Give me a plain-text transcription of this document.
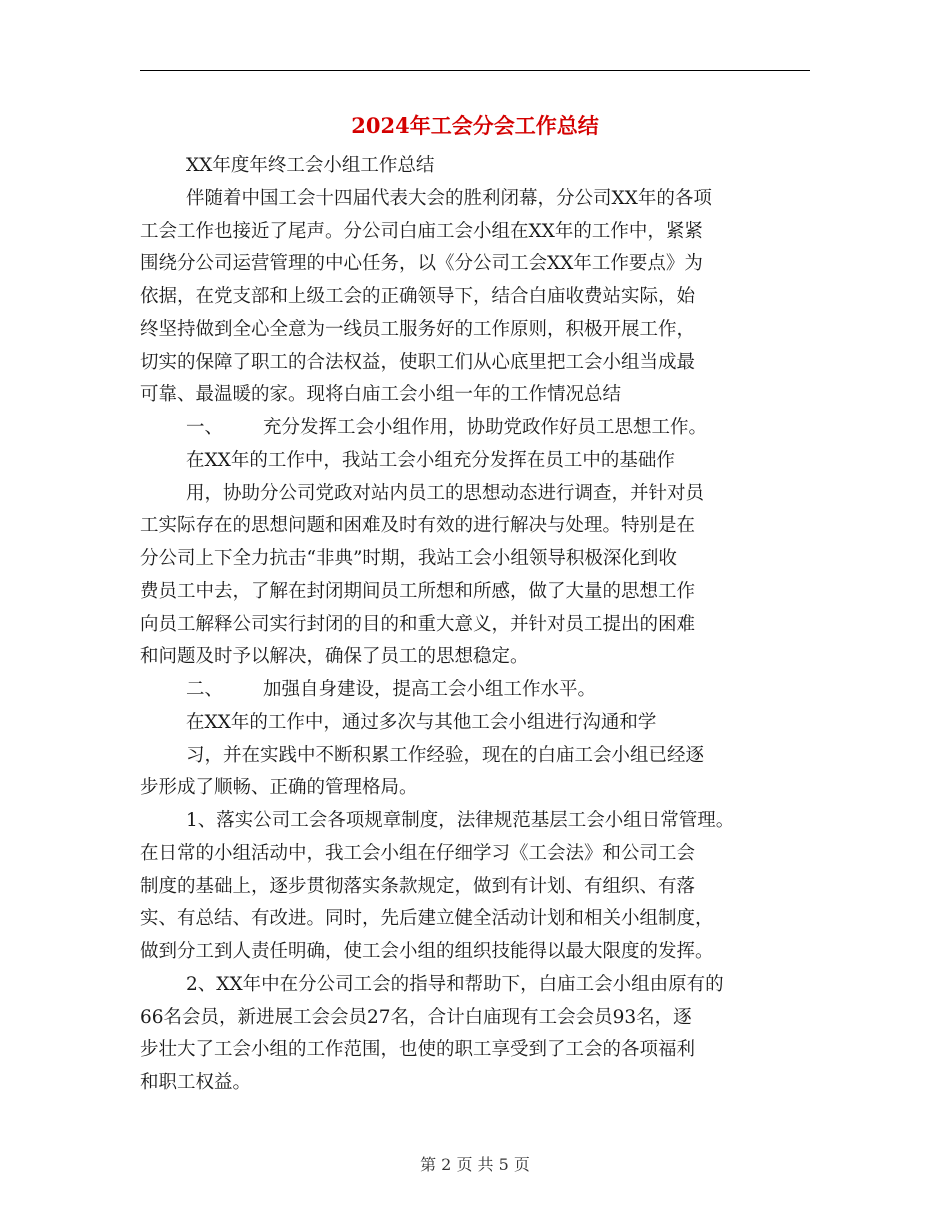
2024年工会分会工作总结
XX年度年终工会小组工作总结
伴随着中国工会十四届代表大会的胜利闭幕，分公司XX年的各项
工会工作也接近了尾声。分公司白庙工会小组在XX年的工作中，紧紧
围绕分公司运营管理的中心任务，以《分公司工会XX年工作要点》为
依据，在党支部和上级工会的正确领导下，结合白庙收费站实际，始
终坚持做到全心全意为一线员工服务好的工作原则，积极开展工作，
切实的保障了职工的合法权益，使职工们从心底里把工会小组当成最
可靠、最温暖的家。现将白庙工会小组一年的工作情况总结
一、 充分发挥工会小组作用，协助党政作好员工思想工作。
在XX年的工作中，我站工会小组充分发挥在员工中的基础作
用，协助分公司党政对站内员工的思想动态进行调查，并针对员
工实际存在的思想问题和困难及时有效的进行解决与处理。特别是在
分公司上下全力抗击“非典”时期，我站工会小组领导积极深化到收
费员工中去，了解在封闭期间员工所想和所感，做了大量的思想工作
向员工解释公司实行封闭的目的和重大意义，并针对员工提出的困难
和问题及时予以解决，确保了员工的思想稳定。
二、 加强自身建设，提高工会小组工作水平。
在XX年的工作中，通过多次与其他工会小组进行沟通和学
习，并在实践中不断积累工作经验，现在的白庙工会小组已经逐
步形成了顺畅、正确的管理格局。
1、落实公司工会各项规章制度，法律规范基层工会小组日常管理。
在日常的小组活动中，我工会小组在仔细学习《工会法》和公司工会
制度的基础上，逐步贯彻落实条款规定，做到有计划、有组织、有落
实、有总结、有改进。同时，先后建立健全活动计划和相关小组制度，
做到分工到人责任明确，使工会小组的组织技能得以最大限度的发挥。
2、XX年中在分公司工会的指导和帮助下，白庙工会小组由原有的
66名会员，新进展工会会员27名，合计白庙现有工会会员93名，逐
步壮大了工会小组的工作范围，也使的职工享受到了工会的各项福利
和职工权益。
第 2 页 共 5 页
